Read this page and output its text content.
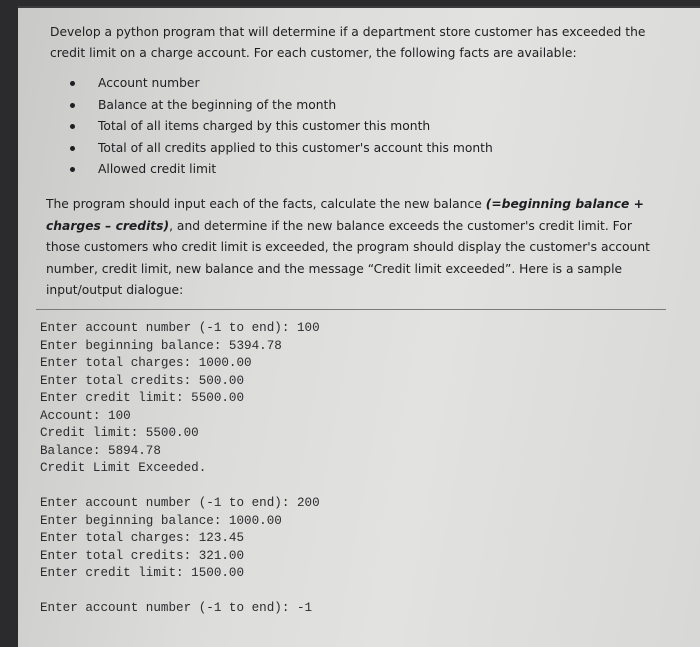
Develop a python program that will determine if a department store customer has exceeded the credit limit on a charge account. For each customer, the following facts are available:
Account number
Balance at the beginning of the month
Total of all items charged by this customer this month
Total of all credits applied to this customer's account this month
Allowed credit limit
The program should input each of the facts, calculate the new balance (=beginning balance + charges – credits), and determine if the new balance exceeds the customer's credit limit. For those customers who credit limit is exceeded, the program should display the customer's account number, credit limit, new balance and the message “Credit limit exceeded”. Here is a sample input/output dialogue:
Enter account number (-1 to end): 100
Enter beginning balance: 5394.78
Enter total charges: 1000.00
Enter total credits: 500.00
Enter credit limit: 5500.00
Account: 100
Credit limit: 5500.00
Balance: 5894.78
Credit Limit Exceeded.
Enter account number (-1 to end): 200
Enter beginning balance: 1000.00
Enter total charges: 123.45
Enter total credits: 321.00
Enter credit limit: 1500.00
Enter account number (-1 to end): -1
